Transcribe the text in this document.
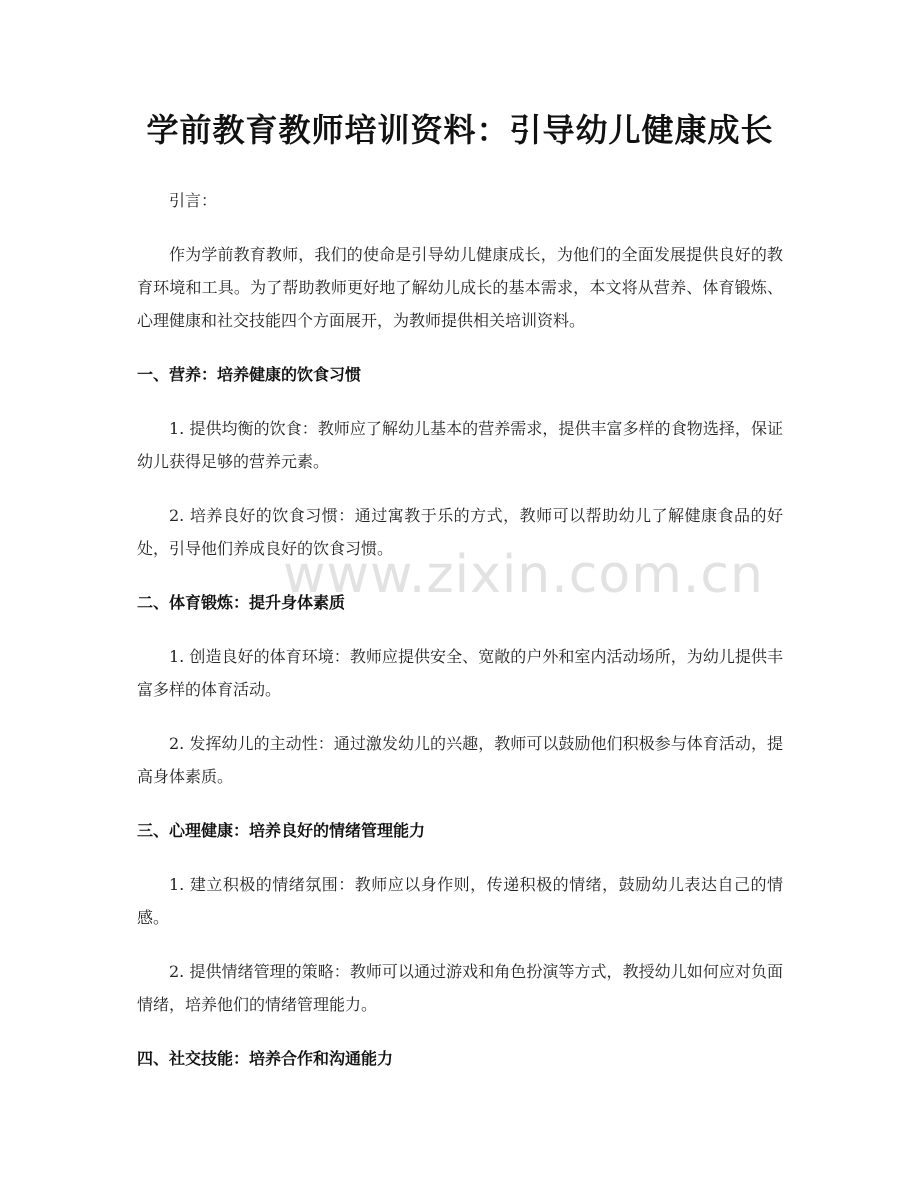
学前教育教师培训资料：引导幼儿健康成长

引言：

作为学前教育教师，我们的使命是引导幼儿健康成长，为他们的全面发展提供良好的教育环境和工具。为了帮助教师更好地了解幼儿成长的基本需求，本文将从营养、体育锻炼、心理健康和社交技能四个方面展开，为教师提供相关培训资料。

一、营养：培养健康的饮食习惯

1. 提供均衡的饮食：教师应了解幼儿基本的营养需求，提供丰富多样的食物选择，保证幼儿获得足够的营养元素。

2. 培养良好的饮食习惯：通过寓教于乐的方式，教师可以帮助幼儿了解健康食品的好处，引导他们养成良好的饮食习惯。

二、体育锻炼：提升身体素质

1. 创造良好的体育环境：教师应提供安全、宽敞的户外和室内活动场所，为幼儿提供丰富多样的体育活动。

2. 发挥幼儿的主动性：通过激发幼儿的兴趣，教师可以鼓励他们积极参与体育活动，提高身体素质。

三、心理健康：培养良好的情绪管理能力

1. 建立积极的情绪氛围：教师应以身作则，传递积极的情绪，鼓励幼儿表达自己的情感。

2. 提供情绪管理的策略：教师可以通过游戏和角色扮演等方式，教授幼儿如何应对负面情绪，培养他们的情绪管理能力。

四、社交技能：培养合作和沟通能力
www.zixin.com.cn
